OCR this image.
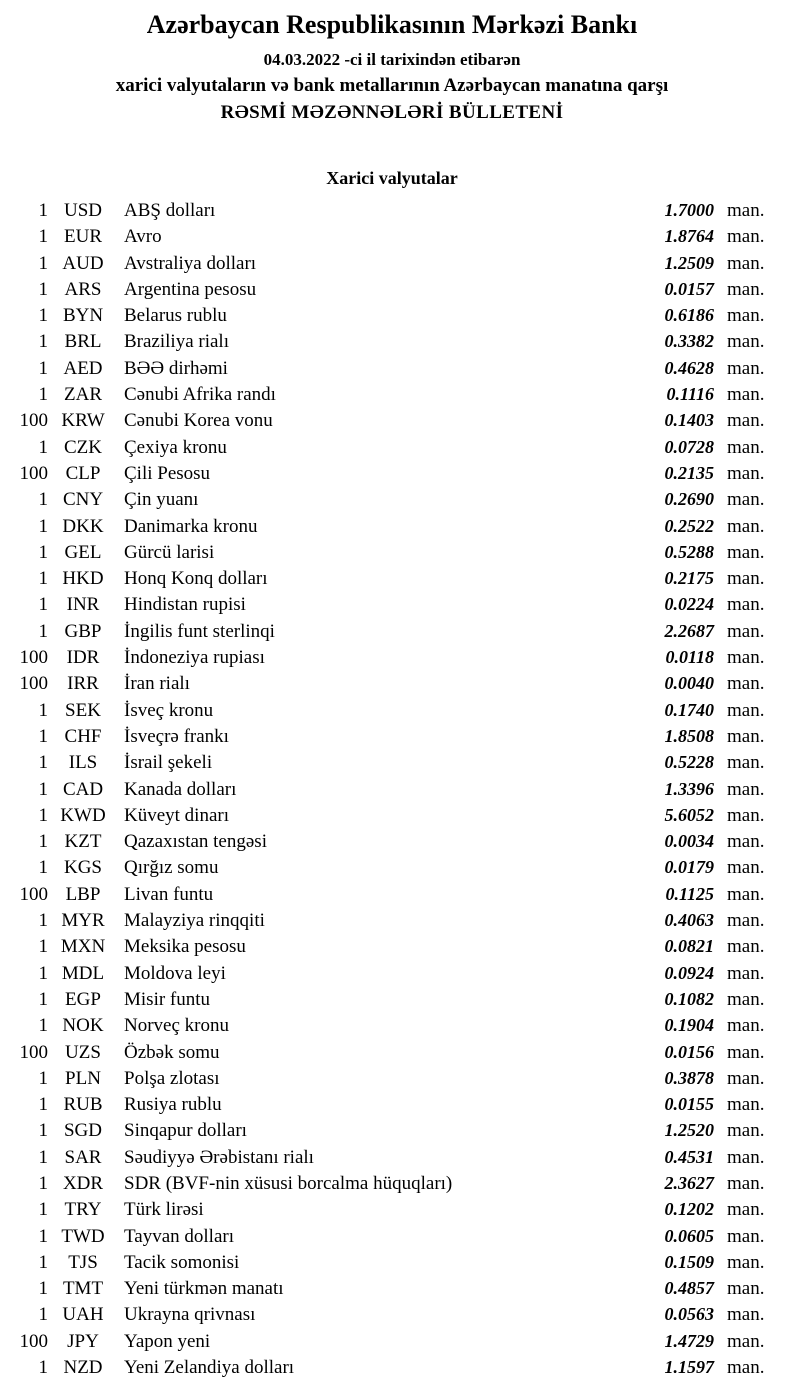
Azərbaycan Respublikasının Mərkəzi Bankı
04.03.2022 -ci il tarixindən etibarən
xarici valyutaların və bank metallarının Azərbaycan manatına qarşı
RƏSMİ MƏZƏNNƏLƏRİ BÜLLETENİ
Xarici valyutalar
1 USD	ABŞ dolları	1.7000 man.
1 EUR	Avro	1.8764 man.
1 AUD	Avstraliya dolları	1.2509 man.
1 ARS	Argentina pesosu	0.0157 man.
1 BYN	Belarus rublu	0.6186 man.
1 BRL	Braziliya rialı	0.3382 man.
1 AED	BƏƏ dirhəmi	0.4628 man.
1 ZAR	Cənubi Afrika randı	0.1116 man.
100 KRW	Cənubi Korea vonu	0.1403 man.
1 CZK	Çexiya kronu	0.0728 man.
100 CLP	Çili Pesosu	0.2135 man.
1 CNY	Çin yuanı	0.2690 man.
1 DKK	Danimarka kronu	0.2522 man.
1 GEL	Gürcü larisi	0.5288 man.
1 HKD	Honq Konq dolları	0.2175 man.
1 INR	Hindistan rupisi	0.0224 man.
1 GBP	İngilis funt sterlinqi	2.2687 man.
100 IDR	İndoneziya rupiası	0.0118 man.
100	IRR	İran rialı	0.0040 man.
1 SEK	İsveç kronu	0.1740 man.
1 CHF	İsveçrə frankı	1.8508 man.
1	ILS	İsrail şekeli	0.5228 man.
1 CAD	Kanada dolları	1.3396 man.
1 KWD Küveyt dinarı	5.6052 man.
1 KZT	Qazaxıstan tengəsi	0.0034 man.
1 KGS	Qırğız somu	0.0179 man.
100 LBP	Livan funtu	0.1125 man.
1 MYR	Malayziya rinqqiti	0.4063 man.
1 MXN Meksika pesosu	0.0821 man.
1 MDL	Moldova leyi	0.0924 man.
1 EGP	Misir funtu	0.1082 man.
1 NOK	Norveç kronu	0.1904 man.
100 UZS	Özbək somu	0.0156 man.
1 PLN	Polşa zlotası	0.3878 man.
1 RUB	Rusiya rublu	0.0155 man.
1 SGD	Sinqapur dolları	1.2520 man.
1 SAR	Səudiyyə Ərəbistanı rialı	0.4531 man.
1 XDR	SDR (BVF-nin xüsusi borcalma hüquqları)	2.3627 man.
1 TRY	Türk lirəsi	0.1202 man.
1 TWD	Tayvan dolları	0.0605 man.
1	TJS	Tacik somonisi	0.1509 man.
1 TMT	Yeni türkmən manatı	0.4857 man.
1 UAH	Ukrayna qrivnası	0.0563 man.
100	JPY	Yapon yeni	1.4729 man.
1 NZD	Yeni Zelandiya dolları	1.1597 man.
